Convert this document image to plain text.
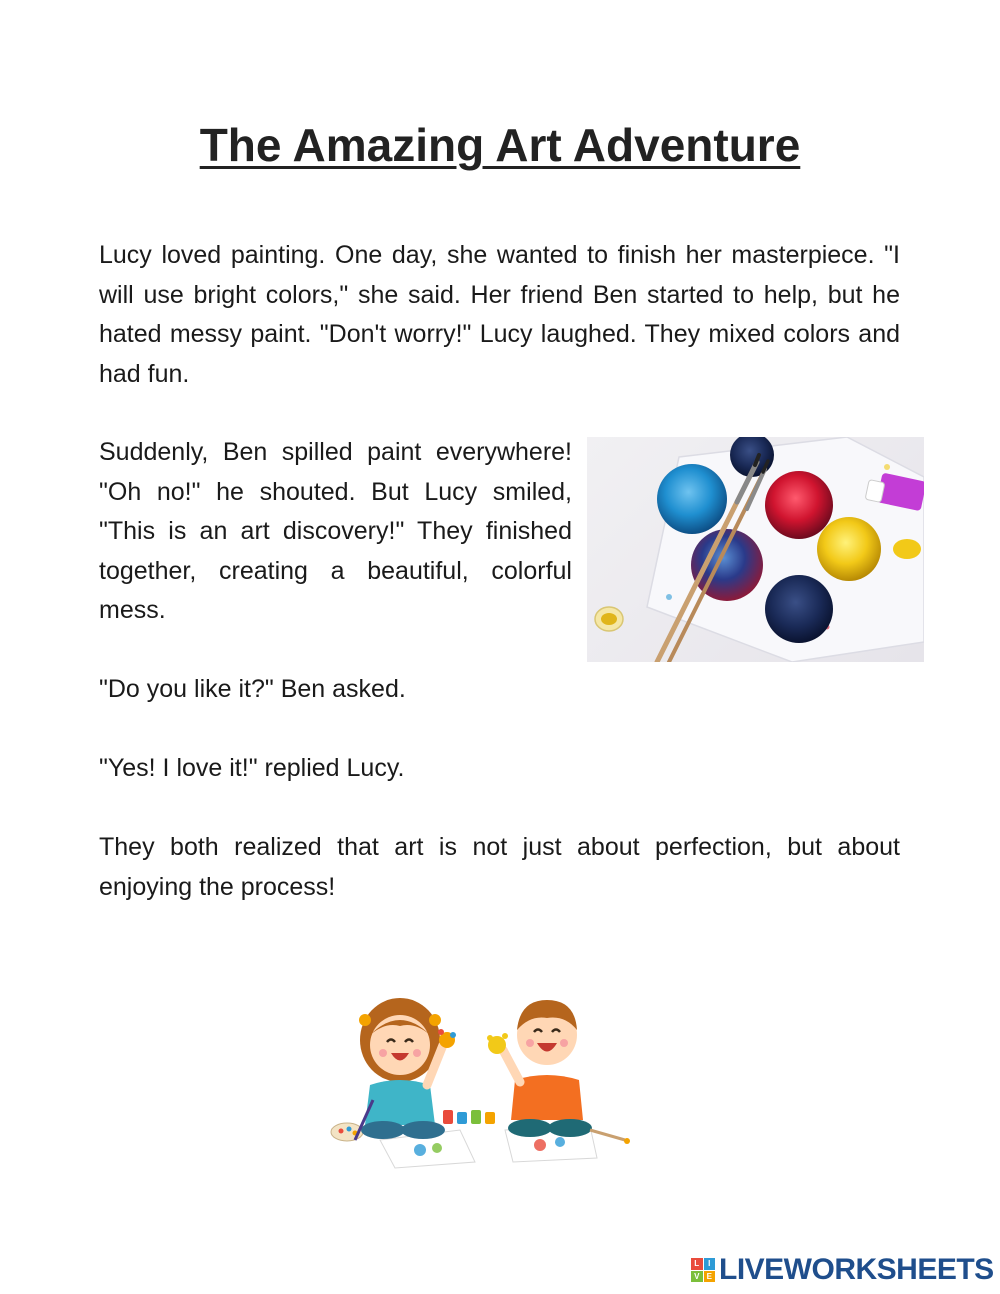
The Amazing Art Adventure

Lucy loved painting. One day, she wanted to finish her masterpiece. "I will use bright colors," she said. Her friend Ben started to help, but he hated messy paint. "Don't worry!" Lucy laughed. They mixed colors and had fun.

Suddenly, Ben spilled paint everywhere! "Oh no!" he shouted. But Lucy smiled, "This is an art discovery!" They finished together, creating a beautiful, colorful mess.

"Do you like it?" Ben asked.

"Yes! I love it!" replied Lucy.

They both realized that art is not just about perfection, but about enjoying the process!

L	I
V E LIVEWORKSHEETS
